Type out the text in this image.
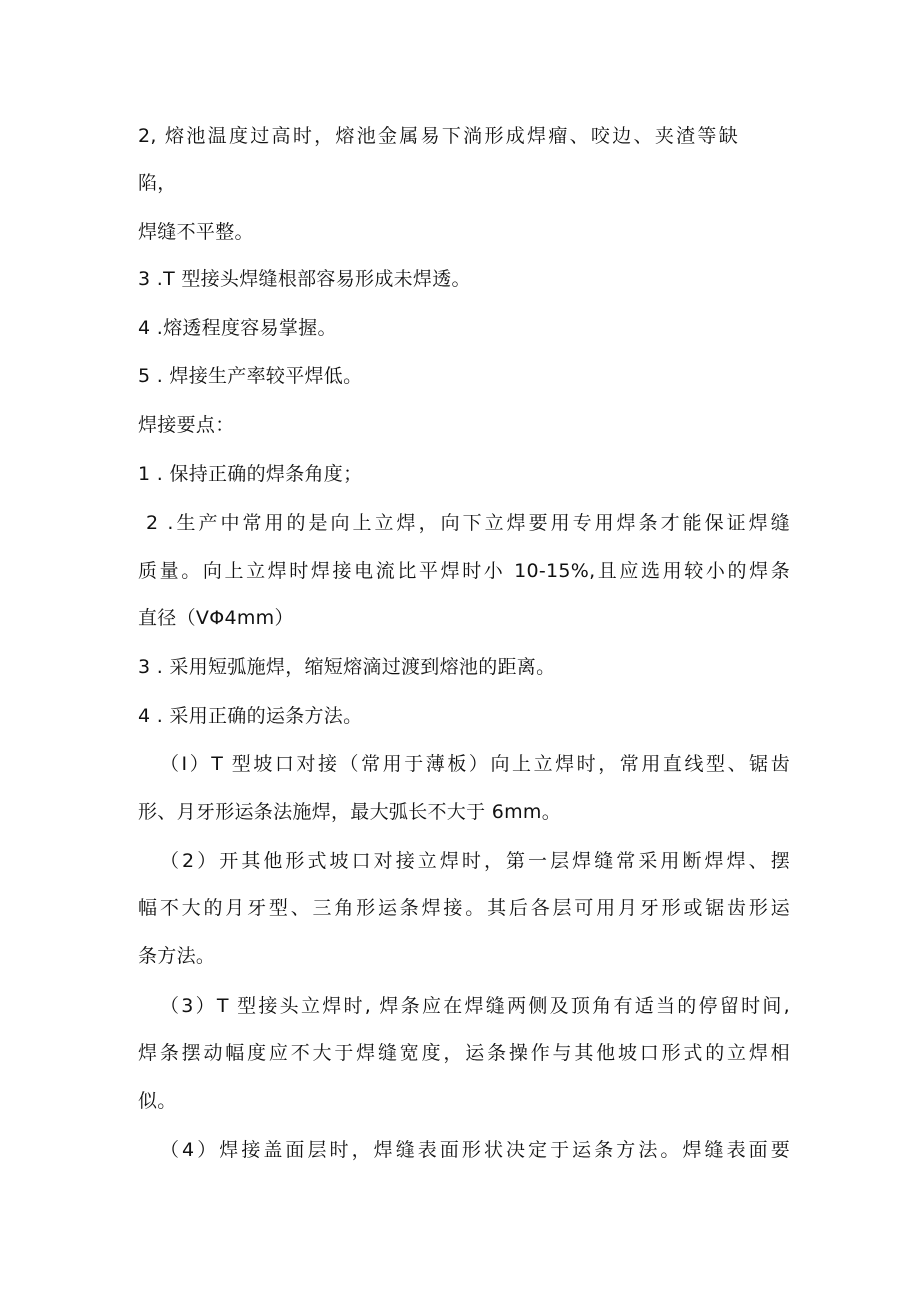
2, 熔池温度过高时，熔池金属易下淌形成焊瘤、咬边、夹渣等缺
陷，
焊缝不平整。
3 .T 型接头焊缝根部容易形成未焊透。
4 .熔透程度容易掌握。
5 . 焊接生产率较平焊低。
焊接要点：
1 . 保持正确的焊条角度；
2 .生产中常用的是向上立焊，向下立焊要用专用焊条才能保证焊缝
质量。向上立焊时焊接电流比平焊时小 10-15%,且应选用较小的焊条
直径（VΦ4mm）
3 . 采用短弧施焊，缩短熔滴过渡到熔池的距离。
4 . 采用正确的运条方法。
（I）T 型坡口对接（常用于薄板）向上立焊时，常用直线型、锯齿
形、月牙形运条法施焊，最大弧长不大于 6mm。
（2）开其他形式坡口对接立焊时，第一层焊缝常采用断焊焊、摆
幅不大的月牙型、三角形运条焊接。其后各层可用月牙形或锯齿形运
条方法。
（3）T 型接头立焊时, 焊条应在焊缝两侧及顶角有适当的停留时间,
焊条摆动幅度应不大于焊缝宽度，运条操作与其他坡口形式的立焊相
似。
（4）焊接盖面层时，焊缝表面形状决定于运条方法。焊缝表面要
